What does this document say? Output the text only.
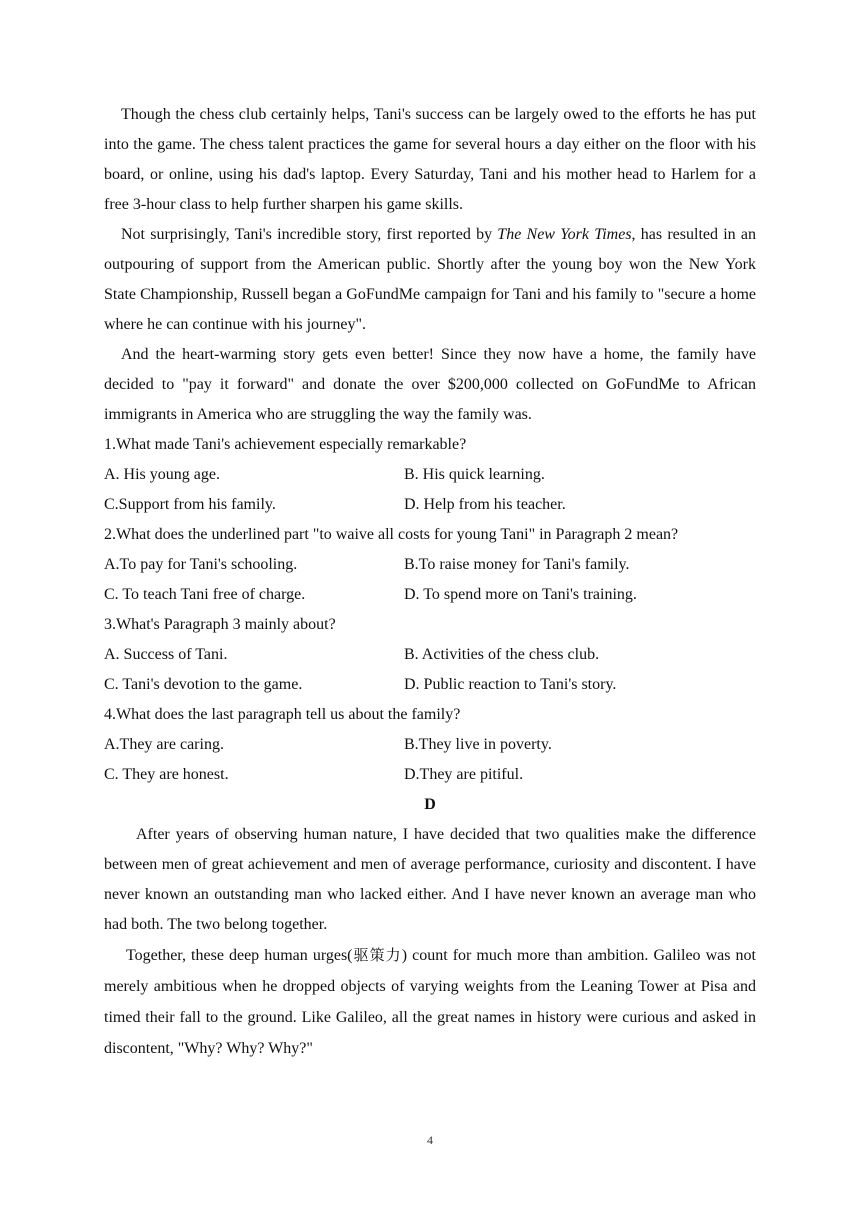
Though the chess club certainly helps, Tani's success can be largely owed to the efforts he has put into the game. The chess talent practices the game for several hours a day either on the floor with his board, or online, using his dad's laptop. Every Saturday, Tani and his mother head to Harlem for a free 3-hour class to help further sharpen his game skills.

Not surprisingly, Tani's incredible story, first reported by The New York Times, has resulted in an outpouring of support from the American public. Shortly after the young boy won the New York State Championship, Russell began a GoFundMe campaign for Tani and his family to "secure a home where he can continue with his journey".

And the heart-warming story gets even better! Since they now have a home, the family have decided to "pay it forward" and donate the over $200,000 collected on GoFundMe to African immigrants in America who are struggling the way the family was.

1.What made Tani's achievement especially remarkable?

A. His young age.	B. His quick learning.
C.Support from his family.	D. Help from his teacher.

2.What does the underlined part "to waive all costs for young Tani" in Paragraph 2 mean?

A.To pay for Tani's schooling.	B.To raise money for Tani's family.
C. To teach Tani free of charge.	D. To spend more on Tani's training.

3.What's Paragraph 3 mainly about?

A. Success of Tani.	B. Activities of the chess club.
C. Tani's devotion to the game.	D. Public reaction to Tani's story.

4.What does the last paragraph tell us about the family?

A.They are caring.	B.They live in poverty.
C. They are honest.	D.They are pitiful.
D

After years of observing human nature, I have decided that two qualities make the difference between men of great achievement and men of average performance, curiosity and discontent. I have never known an outstanding man who lacked either. And I have never known an average man who had both. The two belong together.

Together, these deep human urges(驱策力) count for much more than ambition. Galileo was not merely ambitious when he dropped objects of varying weights from the Leaning Tower at Pisa and timed their fall to the ground. Like Galileo, all the great names in history were curious and asked in discontent, "Why? Why? Why?"

4
